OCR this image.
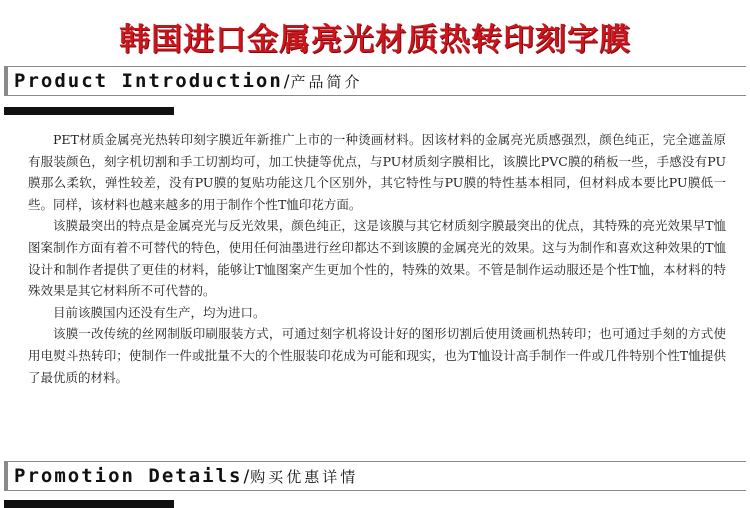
韩国进口金属亮光材质热转印刻字膜
Product Introduction/产品简介

PET材质金属亮光热转印刻字膜近年新推广上市的一种烫画材料。因该材料的金属亮光质感强烈，颜色纯正，完全遮盖原有服装颜色，刻字机切割和手工切割均可，加工快捷等优点，与PU材质刻字膜相比，该膜比PVC膜的稍板一些，手感没有PU膜那么柔软，弹性较差，没有PU膜的复贴功能这几个区别外，其它特性与PU膜的特性基本相同，但材料成本要比PU膜低一些。同样，该材料也越来越多的用于制作个性T恤印花方面。

该膜最突出的特点是金属亮光与反光效果，颜色纯正，这是该膜与其它材质刻字膜最突出的优点，其特殊的亮光效果早T恤图案制作方面有着不可替代的特色，使用任何油墨进行丝印都达不到该膜的金属亮光的效果。这与为制作和喜欢这种效果的T恤设计和制作者提供了更佳的材料，能够让T恤图案产生更加个性的，特殊的效果。不管是制作运动服还是个性T恤，本材料的特殊效果是其它材料所不可代替的。

目前该膜国内还没有生产，均为进口。

该膜一改传统的丝网制版印刷服装方式，可通过刻字机将设计好的图形切割后使用烫画机热转印；也可通过手刻的方式使用电熨斗热转印；使制作一件或批量不大的个性服装印花成为可能和现实，也为T恤设计高手制作一件或几件特别个性T恤提供了最优质的材料。

Promotion Details/购买优惠详情
